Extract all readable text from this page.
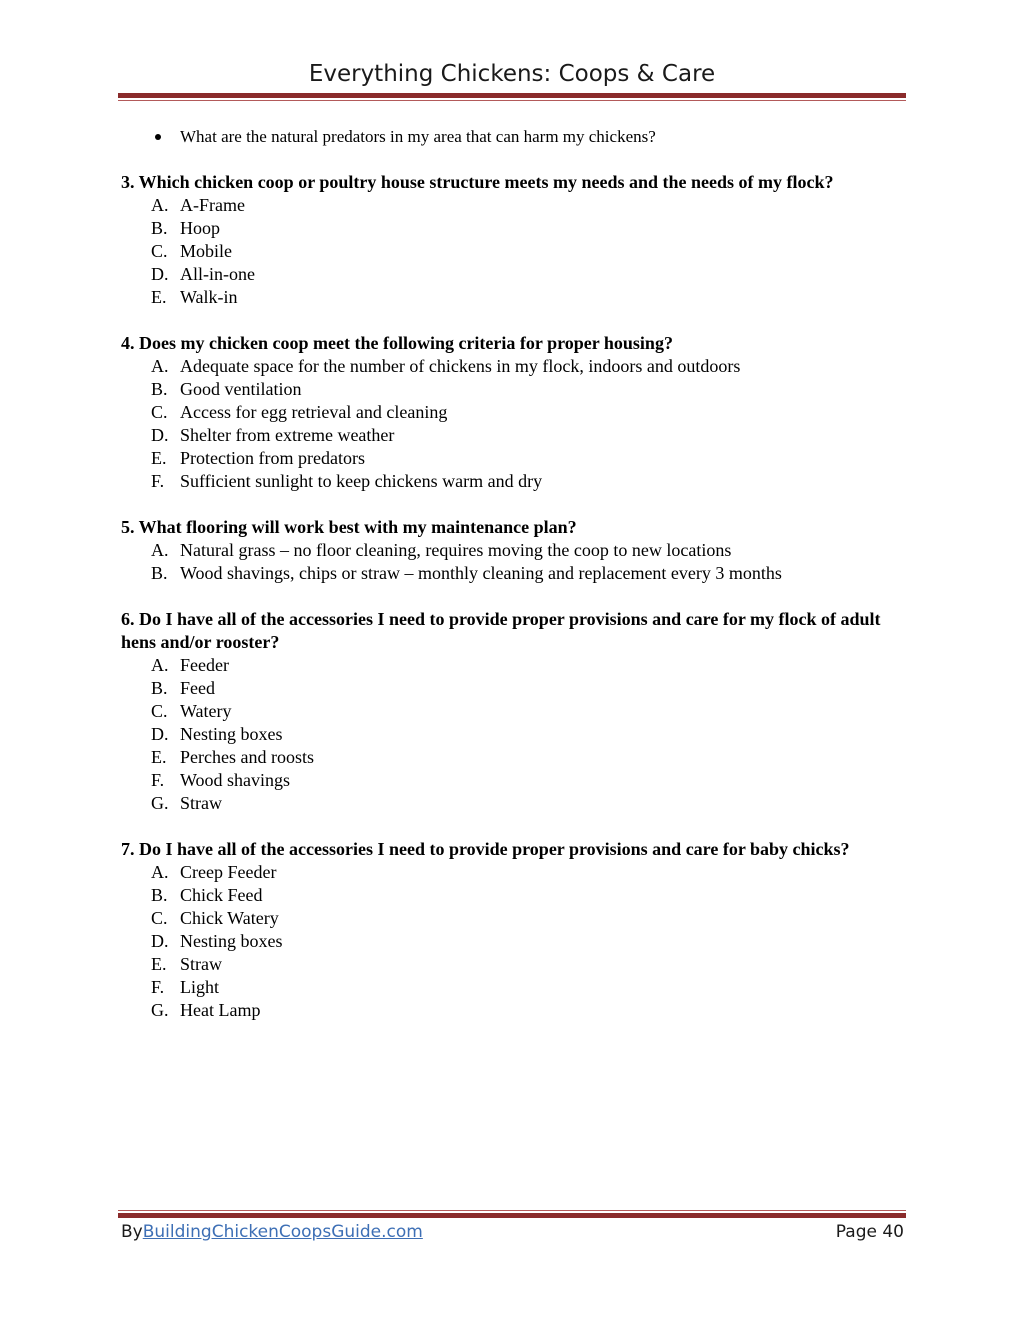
Everything Chickens: Coops & Care
What are the natural predators in my area that can harm my chickens?
3. Which chicken coop or poultry house structure meets my needs and the needs of my flock?
A. A-Frame
B. Hoop
C. Mobile
D. All-in-one
E. Walk-in
4. Does my chicken coop meet the following criteria for proper housing?
A. Adequate space for the number of chickens in my flock, indoors and outdoors
B. Good ventilation
C. Access for egg retrieval and cleaning
D. Shelter from extreme weather
E. Protection from predators
F. Sufficient sunlight to keep chickens warm and dry
5. What flooring will work best with my maintenance plan?
A. Natural grass – no floor cleaning, requires moving the coop to new locations
B. Wood shavings, chips or straw – monthly cleaning and replacement every 3 months
6. Do I have all of the accessories I need to provide proper provisions and care for my flock of adult hens and/or rooster?
A. Feeder
B. Feed
C. Watery
D. Nesting boxes
E. Perches and roosts
F. Wood shavings
G. Straw
7. Do I have all of the accessories I need to provide proper provisions and care for baby chicks?
A. Creep Feeder
B. Chick Feed
C. Chick Watery
D. Nesting boxes
E. Straw
F. Light
G. Heat Lamp
ByBuildingChickenCoopsGuide.com	Page 40
